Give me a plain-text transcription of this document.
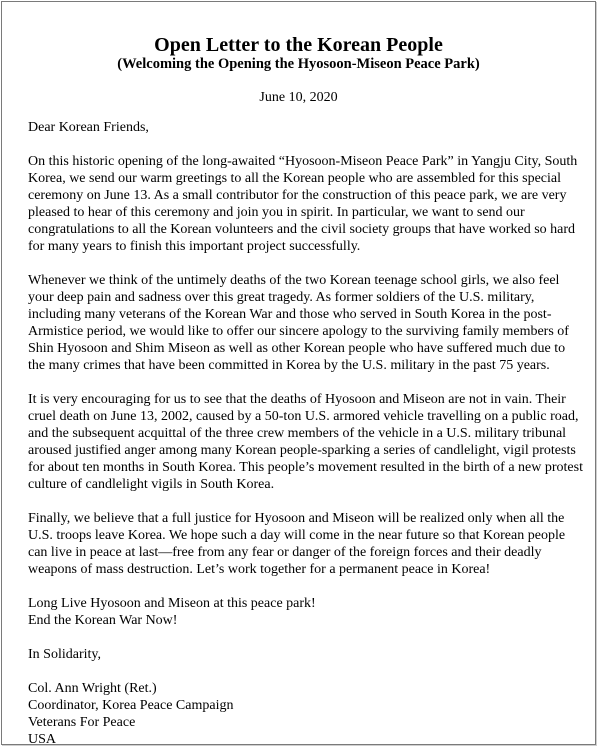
Open Letter to the Korean People
(Welcoming the Opening the Hyosoon-Miseon Peace Park)

June 10, 2020

Dear Korean Friends,

On this historic opening of the long-awaited “Hyosoon-Miseon Peace Park” in Yangju City, South Korea, we send our warm greetings to all the Korean people who are assembled for this special ceremony on June 13. As a small contributor for the construction of this peace park, we are very pleased to hear of this ceremony and join you in spirit. In particular, we want to send our congratulations to all the Korean volunteers and the civil society groups that have worked so hard for many years to finish this important project successfully.

Whenever we think of the untimely deaths of the two Korean teenage school girls, we also feel your deep pain and sadness over this great tragedy. As former soldiers of the U.S. military, including many veterans of the Korean War and those who served in South Korea in the post-Armistice period, we would like to offer our sincere apology to the surviving family members of Shin Hyosoon and Shim Miseon as well as other Korean people who have suffered much due to the many crimes that have been committed in Korea by the U.S. military in the past 75 years.

It is very encouraging for us to see that the deaths of Hyosoon and Miseon are not in vain. Their cruel death on June 13, 2002, caused by a 50-ton U.S. armored vehicle travelling on a public road, and the subsequent acquittal of the three crew members of the vehicle in a U.S. military tribunal aroused justified anger among many Korean people-sparking a series of candlelight, vigil protests for about ten months in South Korea. This people’s movement resulted in the birth of a new protest culture of candlelight vigils in South Korea.

Finally, we believe that a full justice for Hyosoon and Miseon will be realized only when all the U.S. troops leave Korea. We hope such a day will come in the near future so that Korean people can live in peace at last—free from any fear or danger of the foreign forces and their deadly weapons of mass destruction. Let’s work together for a permanent peace in Korea!

Long Live Hyosoon and Miseon at this peace park!
End the Korean War Now!

In Solidarity,

Col. Ann Wright (Ret.)
Coordinator, Korea Peace Campaign
Veterans For Peace
USA
